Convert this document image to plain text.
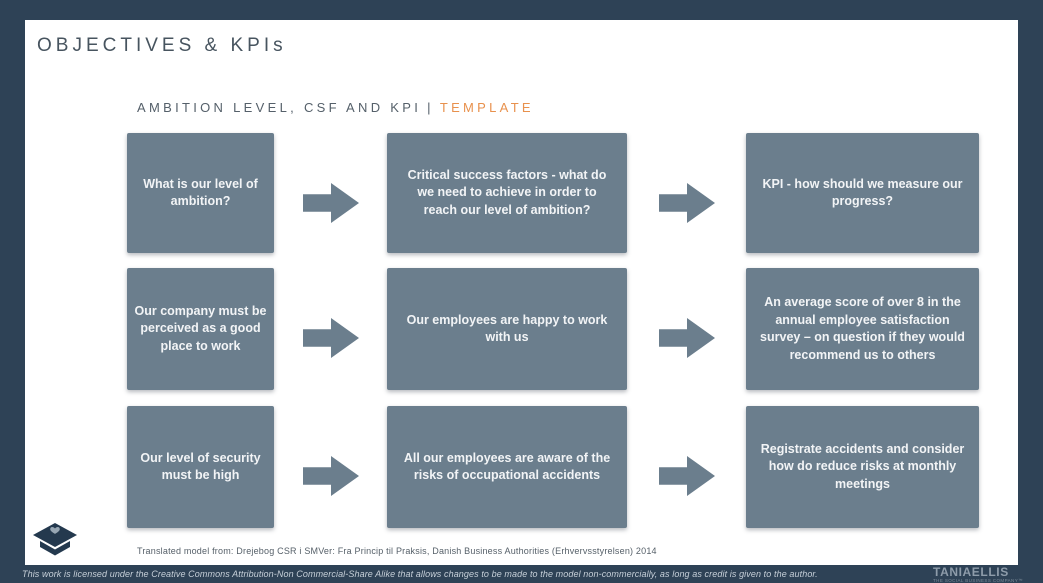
OBJECTIVES & KPIs
AMBITION LEVEL, CSF AND KPI | TEMPLATE
What is our level of ambition?
Critical success factors - what do we need to achieve in order to reach our level of ambition?
KPI - how should we measure our progress?
Our company must be perceived as a good place to work
Our employees are happy to work with us
An average score of over 8 in the annual employee satisfaction survey – on question if they would recommend us to others
Our level of security must be high
All our employees are aware of the risks of occupational accidents
Registrate accidents and consider how do reduce risks at monthly meetings
Translated model from: Drejebog CSR i SMVer: Fra Princip til Praksis, Danish Business Authorities (Erhvervsstyrelsen) 2014
This work is licensed under the Creative Commons Attribution-Non Commercial-Share Alike that allows changes to be made to the model non-commercially, as long as credit is given to the author.	TANIAELLIS
THE SOCIAL BUSINESS COMPANY™
